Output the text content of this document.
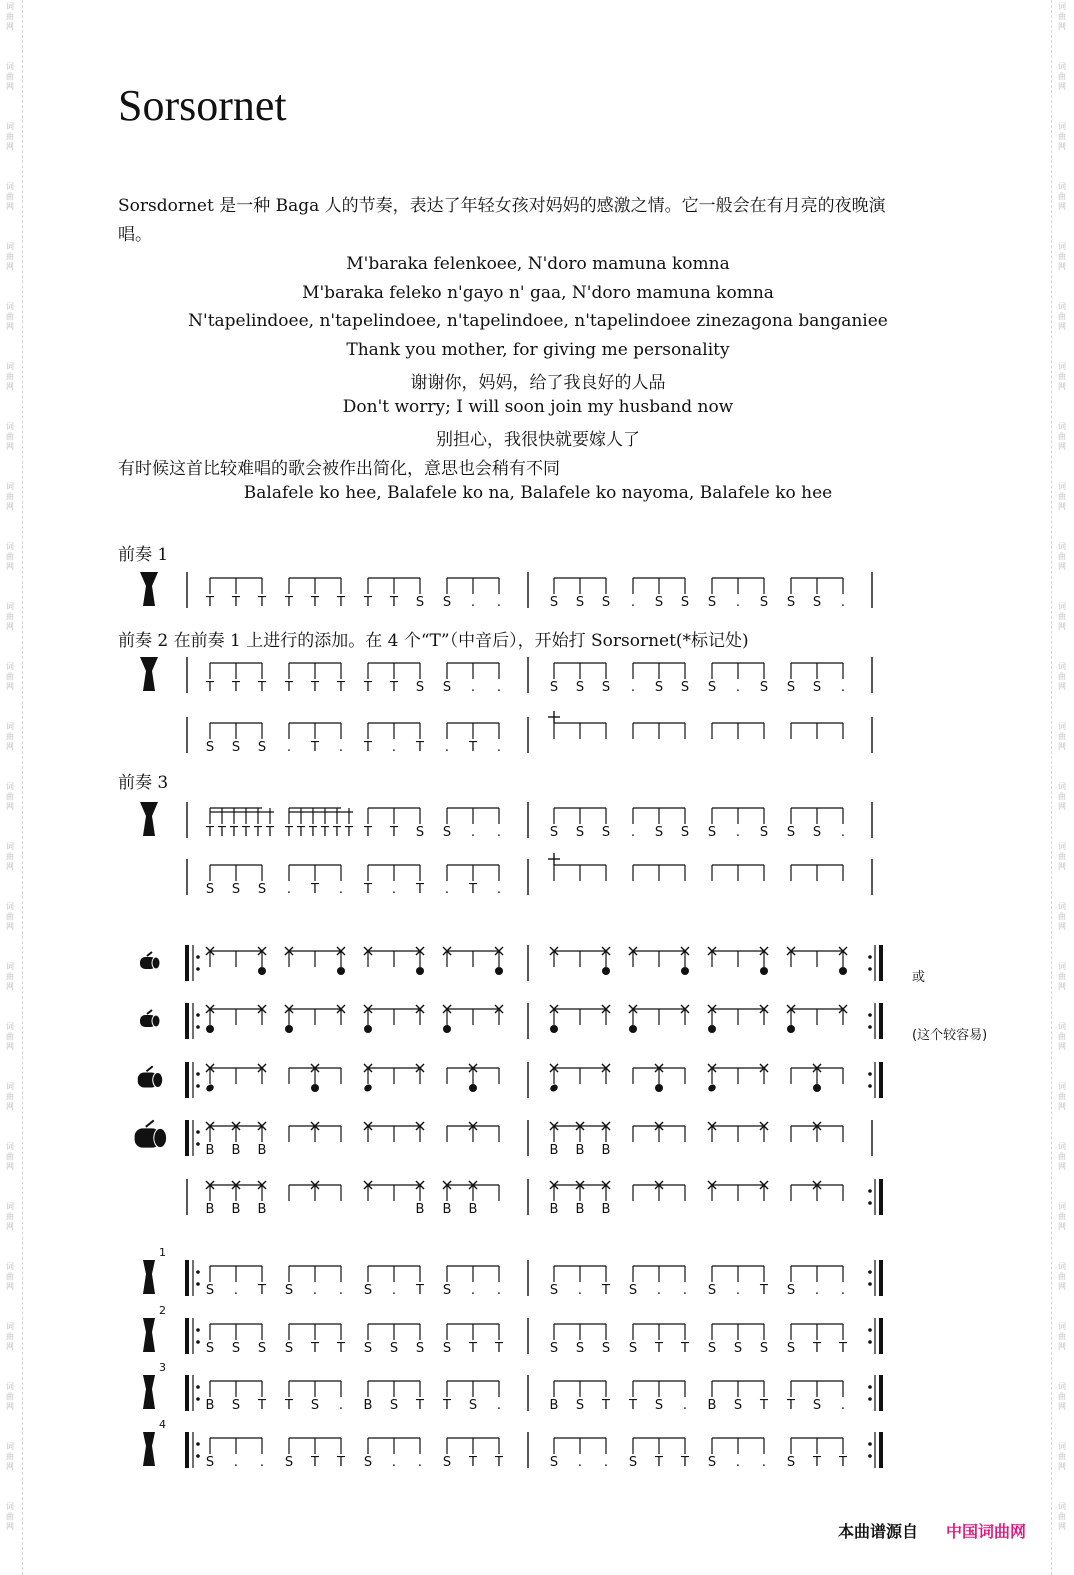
词
曲
网
词
曲
网
词
曲
网
词
曲
网
词
曲
网
词
曲
网
词
曲
网
词
曲
网
词
曲
网
词
曲
网
词
曲
网
词
曲
网
词
曲
网
词
曲
网
词
曲
网
词
曲
网
词
曲
网
词
曲
网
词
曲
网
词
曲
网
词
曲
网
词
曲
网
词
曲
网
词
曲
网
词
曲
网
词
曲
网
词
曲
网
词
曲
网
词
曲
网
词
曲
网
词
曲
网
词
曲
网
词
曲
网
词
曲
网
词
曲
网
词
曲
网
词
曲
网
词
曲
网
词
曲
网
词
曲
网
词
曲
网
词
曲
网
词
曲
网
词
曲
网
词
曲
网
词
曲
网
词
曲
网
词
曲
网
词
曲
网
词
曲
网
词
曲
网
词
曲
网
Sorsornet
Sorsdornet 是一种 Baga 人的节奏，表达了年轻女孩对妈妈的感激之情。它一般会在有月亮的夜晚演唱。
M'baraka felenkoee, N'doro mamuna komna
M'baraka feleko n'gayo n' gaa, N'doro mamuna komna
N'tapelindoee, n'tapelindoee, n'tapelindoee, n'tapelindoee zinezagona banganiee
Thank you mother, for giving me personality
谢谢你，妈妈，给了我良好的人品
Don't worry; I will soon join my husband now
别担心，我很快就要嫁人了
有时候这首比较难唱的歌会被作出简化，意思也会稍有不同
Balafele ko hee, Balafele ko na, Balafele ko nayoma, Balafele ko hee
前奏 1
前奏 2 在前奏 1 上进行的添加。在 4 个“T”（中音后），开始打 Sorsornet(*标记处)
前奏 3
或
(这个较容易)
T T T T T T T T S S . .	S S S . S S S . S S S .
T T T T T T T T S S . .	S S S . S S S . S S S .
S S S . T . T . T . T .
T T T T T T T T T T T T T T S S . .	S S S . S S S . S S S .
S S S . T . T . T . T .
B B B	B B B
B B B	B B B	B B B
1
S . T S . . S . T S . .	S . T S . . S . T S . .
2
S S S S T T S S S S T T	S S S S T T S S S S T T
3
B S T T S . B S T T S .	B S T T S . B S T T S .
4
S . . S T T S . . S T T	S . . S T T S . . S T T
本曲谱源自 中国词曲网
